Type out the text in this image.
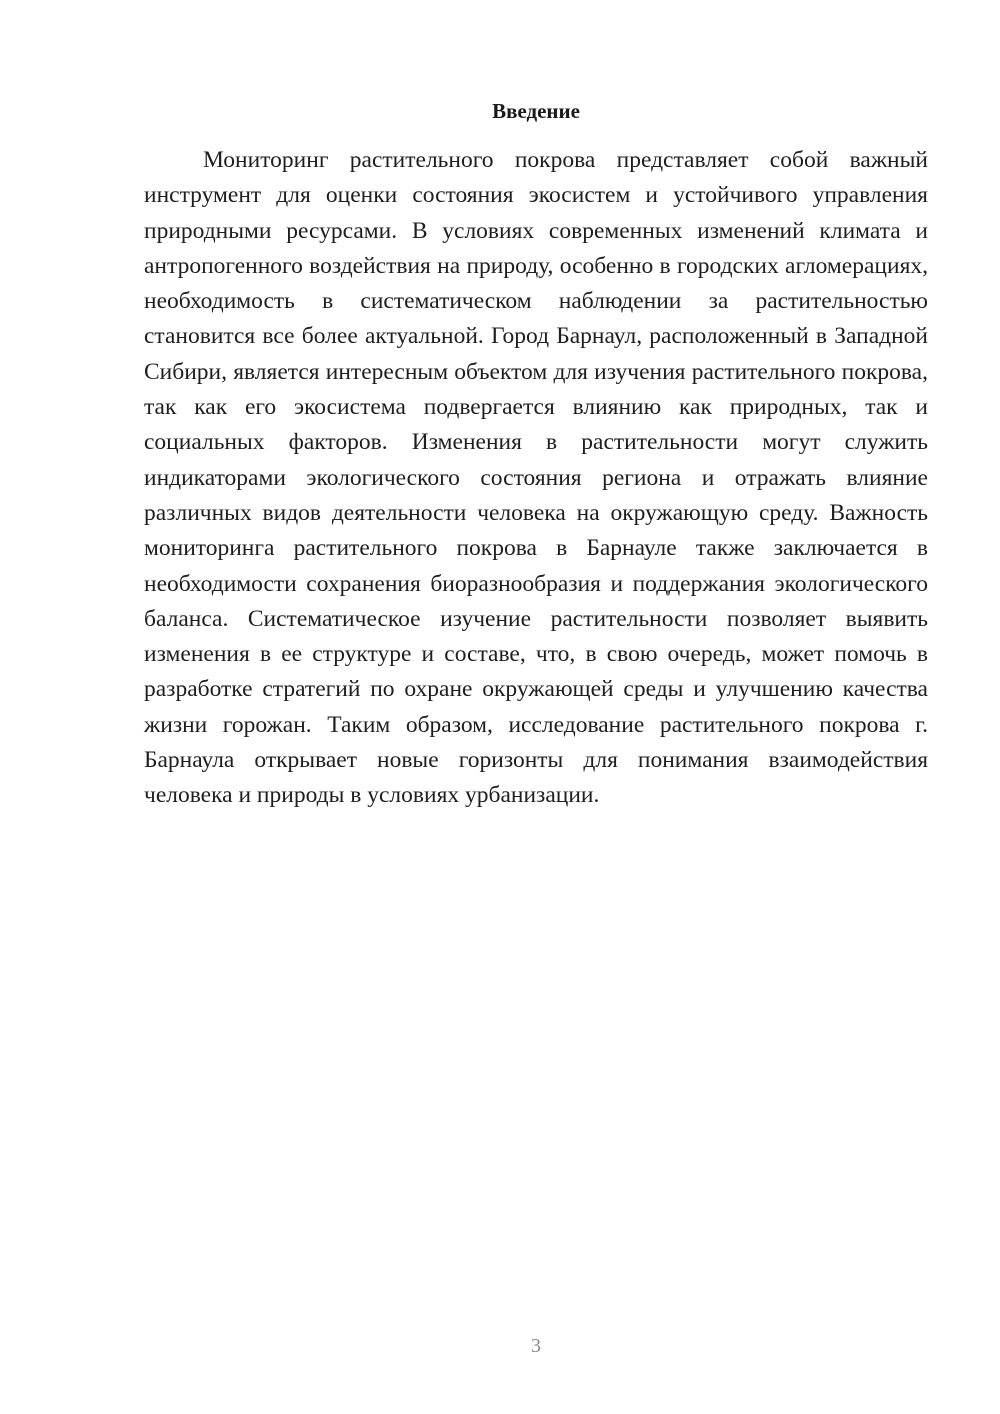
Введение

Мониторинг растительного покрова представляет собой важный инструмент для оценки состояния экосистем и устойчивого управления природными ресурсами. В условиях современных изменений климата и антропогенного воздействия на природу, особенно в городских агломерациях, необходимость в систематическом наблюдении за растительностью становится все более актуальной. Город Барнаул, расположенный в Западной Сибири, является интересным объектом для изучения растительного покрова, так как его экосистема подвергается влиянию как природных, так и социальных факторов. Изменения в растительности могут служить индикаторами экологического состояния региона и отражать влияние различных видов деятельности человека на окружающую среду. Важность мониторинга растительного покрова в Барнауле также заключается в необходимости сохранения биоразнообразия и поддержания экологического баланса. Систематическое изучение растительности позволяет выявить изменения в ее структуре и составе, что, в свою очередь, может помочь в разработке стратегий по охране окружающей среды и улучшению качества жизни горожан. Таким образом, исследование растительного покрова г. Барнаула открывает новые горизонты для понимания взаимодействия человека и природы в условиях урбанизации.

3
